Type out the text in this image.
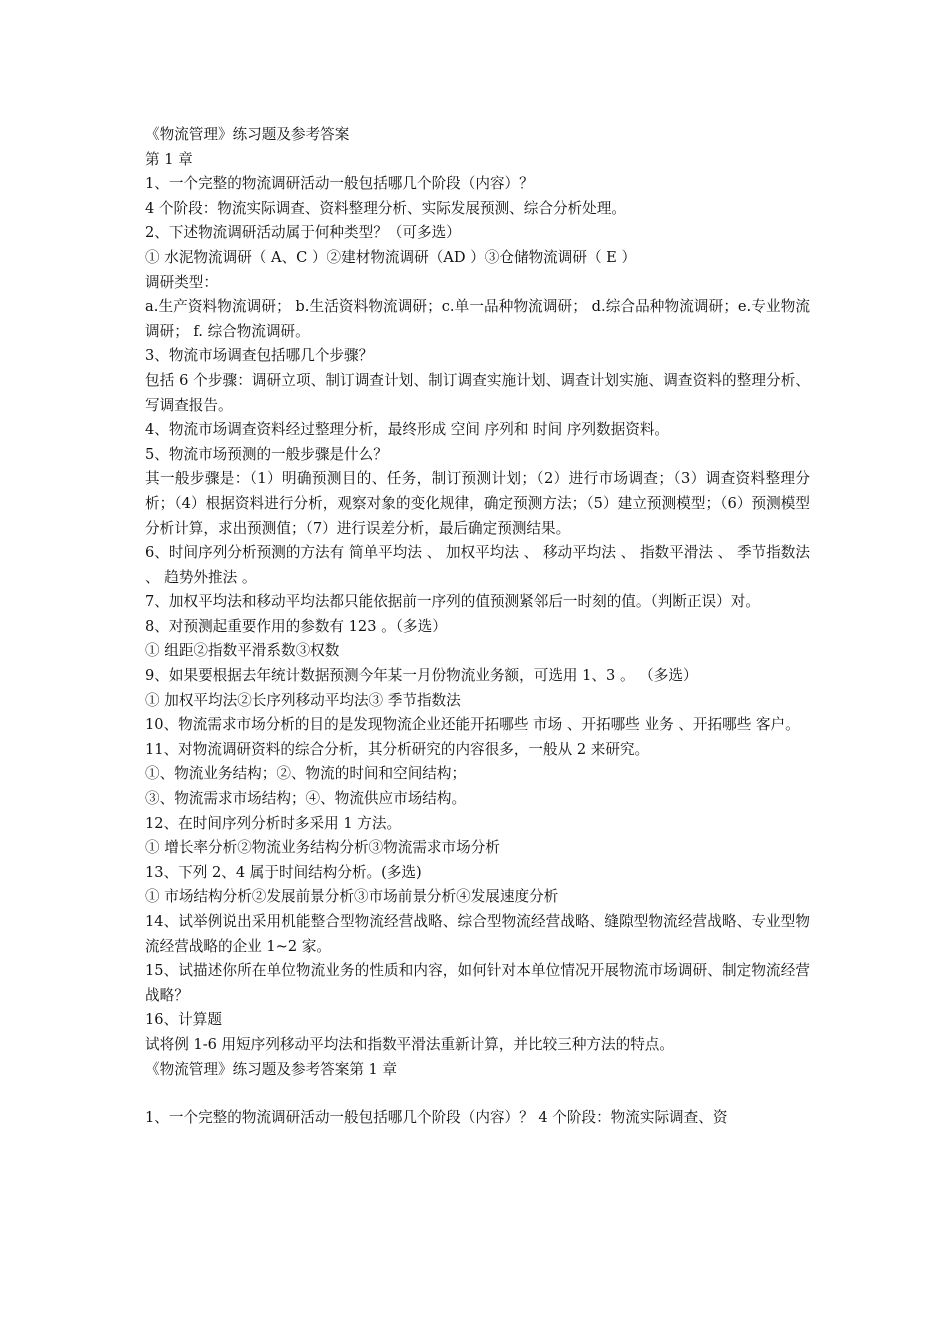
《物流管理》练习题及参考答案
第 1 章
1、一个完整的物流调研活动一般包括哪几个阶段（内容）？
4 个阶段：物流实际调查、资料整理分析、实际发展预测、综合分析处理。
2、下述物流调研活动属于何种类型？（可多选）
① 水泥物流调研（ A、C ）②建材物流调研（AD ）③仓储物流调研（ E ）
调研类型：
a.生产资料物流调研； b.生活资料物流调研；c.单一品种物流调研； d.综合品种物流调研；e.专业物流调研； f. 综合物流调研。
3、物流市场调查包括哪几个步骤？
包括 6 个步骤：调研立项、制订调查计划、制订调查实施计划、调查计划实施、调查资料的整理分析、写调查报告。
4、物流市场调查资料经过整理分析，最终形成 空间 序列和 时间 序列数据资料。
5、物流市场预测的一般步骤是什么？
其一般步骤是：（1）明确预测目的、任务，制订预测计划；（2）进行市场调查；（3）调查资料整理分析；（4）根据资料进行分析，观察对象的变化规律，确定预测方法；（5）建立预测模型；（6）预测模型分析计算，求出预测值；（7）进行误差分析，最后确定预测结果。
6、时间序列分析预测的方法有 简单平均法 、 加权平均法 、 移动平均法 、 指数平滑法 、 季节指数法 、 趋势外推法 。
7、加权平均法和移动平均法都只能依据前一序列的值预测紧邻后一时刻的值。（判断正误）对。
8、对预测起重要作用的参数有 123 。（多选）
① 组距②指数平滑系数③权数
9、如果要根据去年统计数据预测今年某一月份物流业务额，可选用 1、3 。 （多选）
① 加权平均法②长序列移动平均法③ 季节指数法
10、物流需求市场分析的目的是发现物流企业还能开拓哪些 市场 、开拓哪些 业务 、开拓哪些 客户。
11、对物流调研资料的综合分析，其分析研究的内容很多，一般从 2 来研究。
①、物流业务结构；②、物流的时间和空间结构；
③、物流需求市场结构；④、物流供应市场结构。
12、在时间序列分析时多采用 1 方法。
① 增长率分析②物流业务结构分析③物流需求市场分析
13、下列 2、4 属于时间结构分析。(多选)
① 市场结构分析②发展前景分析③市场前景分析④发展速度分析
14、试举例说出采用机能整合型物流经营战略、综合型物流经营战略、缝隙型物流经营战略、专业型物流经营战略的企业 1~2 家。
15、试描述你所在单位物流业务的性质和内容，如何针对本单位情况开展物流市场调研、制定物流经营战略？
16、计算题
试将例 1-6 用短序列移动平均法和指数平滑法重新计算，并比较三种方法的特点。
《物流管理》练习题及参考答案第 1 章
1、一个完整的物流调研活动一般包括哪几个阶段（内容）？ 4 个阶段：物流实际调查、资
